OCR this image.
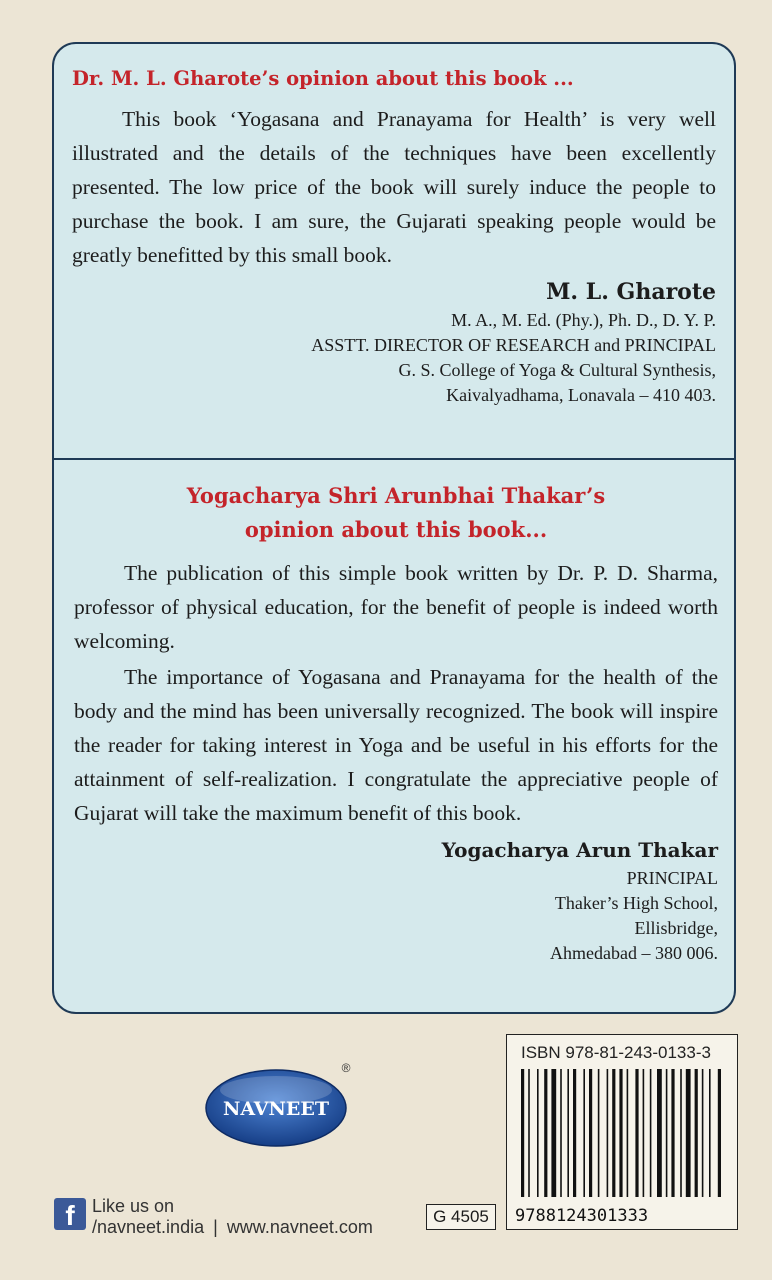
Dr. M. L. Gharote’s opinion about this book ...

This book ‘Yogasana and Pranayama for Health’ is very well illustrated and the details of the techniques have been excellently presented. The low price of the book will surely induce the people to purchase the book. I am sure, the Gujarati speaking people would be greatly benefitted by this small book.

M. L. Gharote
M. A., M. Ed. (Phy.), Ph. D., D. Y. P.
ASSTT. DIRECTOR OF RESEARCH and PRINCIPAL
G. S. College of Yoga & Cultural Synthesis,
Kaivalyadhama, Lonavala – 410 403.

Yogacharya Shri Arunbhai Thakar’s

opinion about this book...

The publication of this simple book written by Dr. P. D. Sharma, professor of physical education, for the benefit of people is indeed worth welcoming.

The importance of Yogasana and Pranayama for the health of the body and the mind has been universally recognized. The book will inspire the reader for taking interest in Yoga and be useful in his efforts for the attainment of self-realization. I congratulate the appreciative people of Gujarat will take the maximum benefit of this book.

Yogacharya Arun Thakar
PRINCIPAL
Thaker’s High School,
Ellisbridge,
Ahmedabad – 380 006.
NAVNEET
®
f Like us on
/navneet.india | www.navneet.com
G 4505
ISBN 978-81-243-0133-3
9788124301333
